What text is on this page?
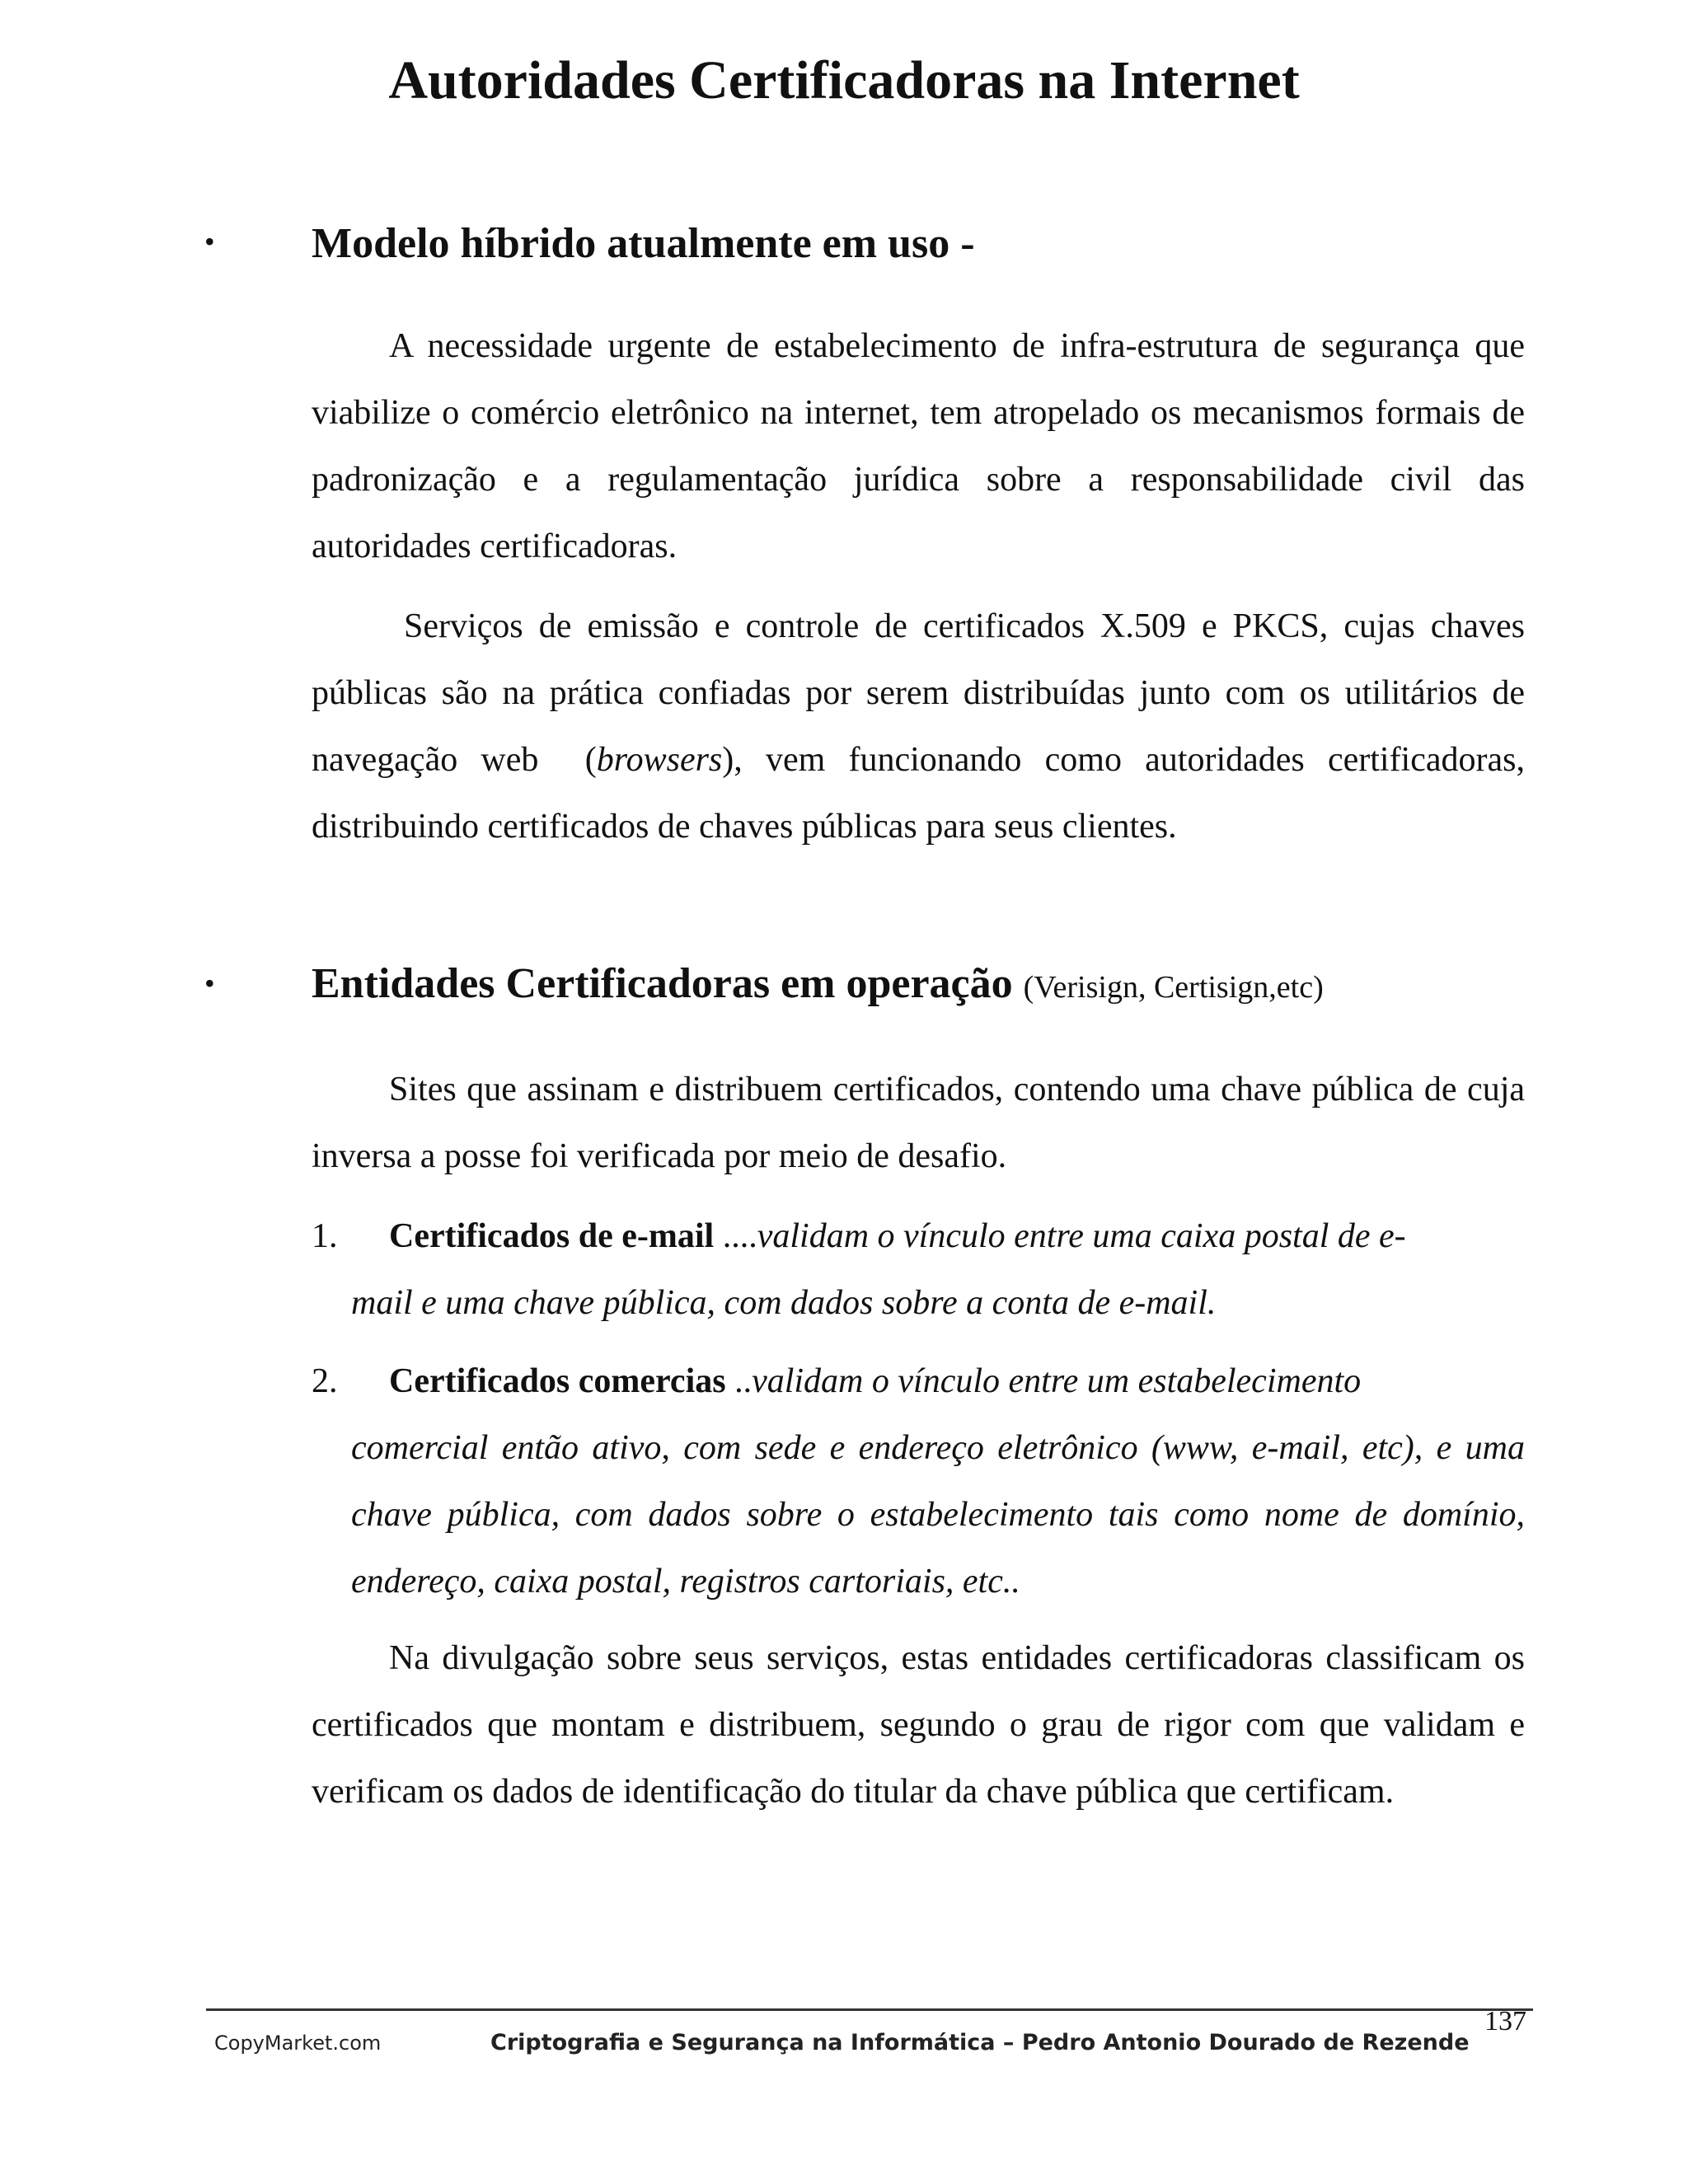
Autoridades Certificadoras na Internet
• Modelo híbrido atualmente em uso -

A necessidade urgente de estabelecimento de infra-estrutura de segurança que viabilize o comércio eletrônico na internet, tem atropelado os mecanismos formais de padronização e a regulamentação jurídica sobre a responsabilidade civil das autoridades certificadoras.

Serviços de emissão e controle de certificados X.509 e PKCS, cujas chaves públicas são na prática confiadas por serem distribuídas junto com os utilitários de navegação web  (browsers), vem funcionando como autoridades certificadoras, distribuindo certificados de chaves públicas para seus clientes.

• Entidades Certificadoras em operação (Verisign, Certisign,etc)

Sites que assinam e distribuem certificados, contendo uma chave pública de cuja inversa a posse foi verificada por meio de desafio.

1. Certificados de e-mail ....validam o vínculo entre uma caixa postal de e-
mail e uma chave pública, com dados sobre a conta de e-mail.
2. Certificados comercias ..validam o vínculo entre um estabelecimento
comercial então ativo, com sede e endereço eletrônico (www, e-mail, etc), e uma chave pública, com dados sobre o estabelecimento tais como nome de domínio, endereço, caixa postal, registros cartoriais, etc..

Na divulgação sobre seus serviços, estas entidades certificadoras classificam os certificados que montam e distribuem, segundo o grau de rigor com que validam e verificam os dados de identificação do titular da chave pública que certificam.

137
CopyMarket.com	Criptografia e Segurança na Informática – Pedro Antonio Dourado de Rezende
